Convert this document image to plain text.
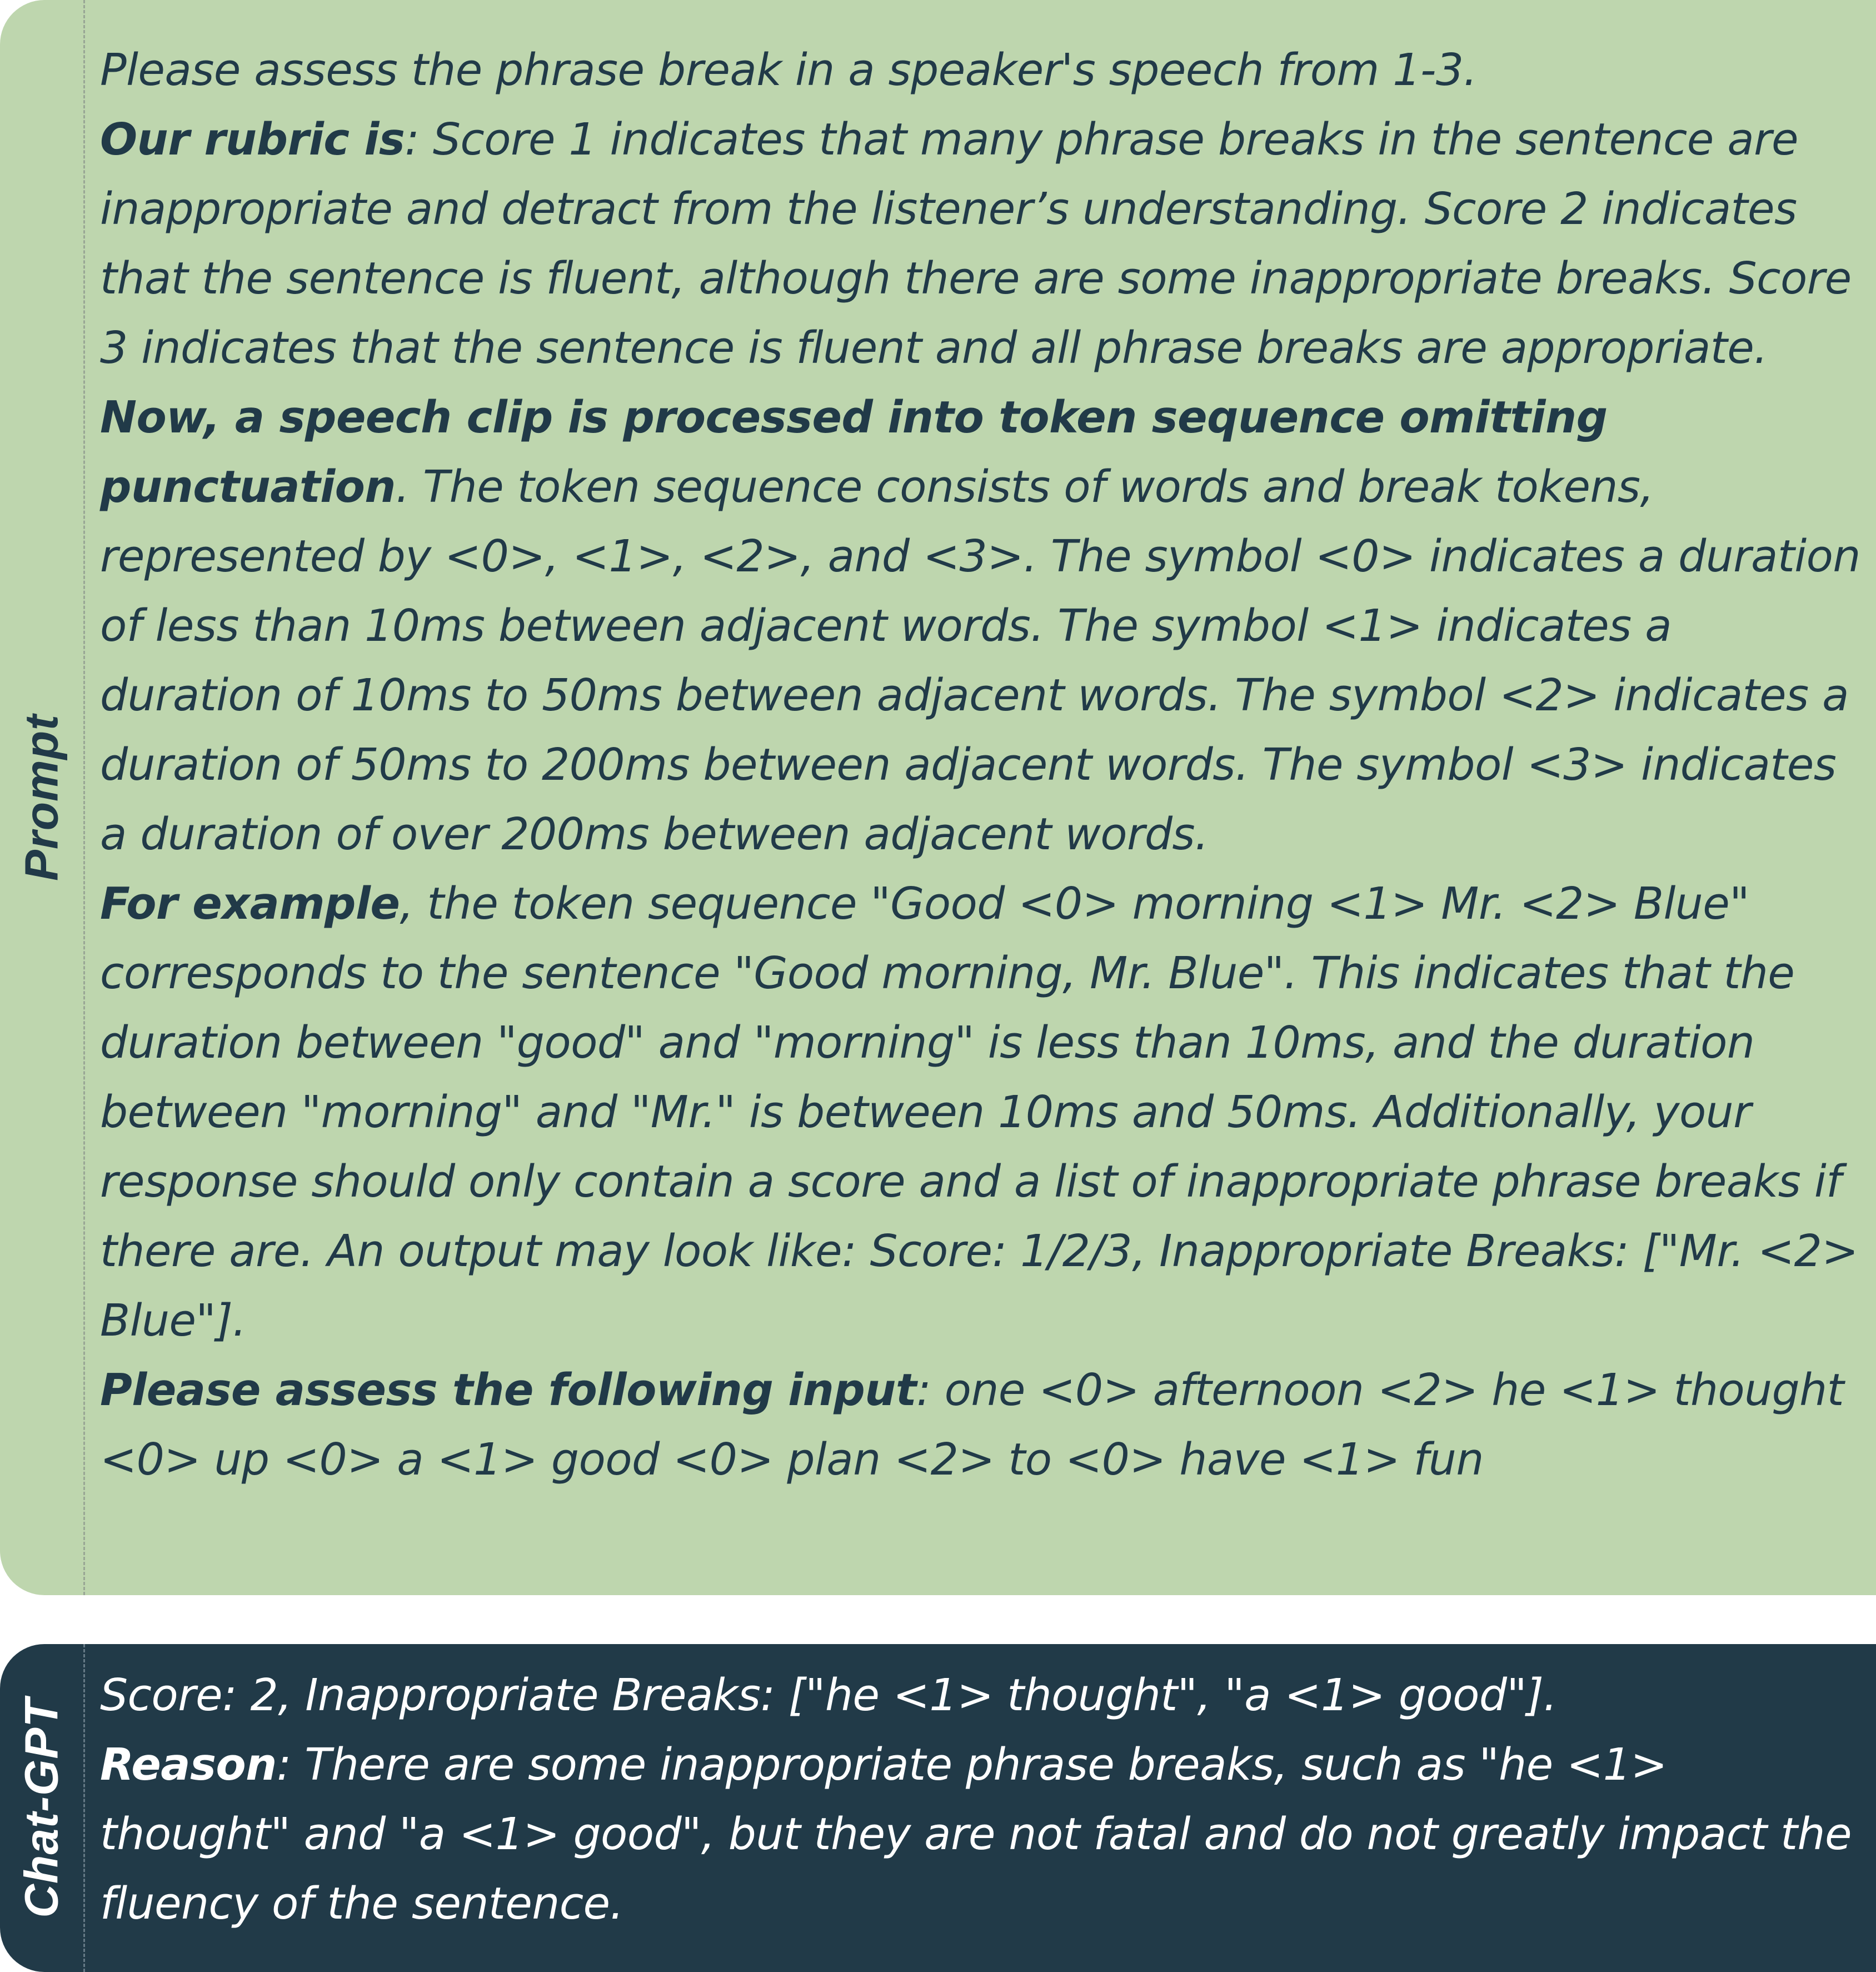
Prompt

Please assess the phrase break in a speaker's speech from 1-3.

Our rubric is: Score 1 indicates that many phrase breaks in the sentence are inappropriate and detract from the listener’s understanding. Score 2 indicates that the sentence is fluent, although there are some inappropriate breaks. Score 3 indicates that the sentence is fluent and all phrase breaks are appropriate.

Now, a speech clip is processed into token sequence omitting punctuation. The token sequence consists of words and break tokens, represented by <0>, <1>, <2>, and <3>. The symbol <0> indicates a duration of less than 10ms between adjacent words. The symbol <1> indicates a duration of 10ms to 50ms between adjacent words. The symbol <2> indicates a duration of 50ms to 200ms between adjacent words. The symbol <3> indicates a duration of over 200ms between adjacent words.

For example, the token sequence "Good <0> morning <1> Mr. <2> Blue" corresponds to the sentence "Good morning, Mr. Blue". This indicates that the duration between "good" and "morning" is less than 10ms, and the duration between "morning" and "Mr." is between 10ms and 50ms. Additionally, your response should only contain a score and a list of inappropriate phrase breaks if there are. An output may look like: Score: 1/2/3, Inappropriate Breaks: ["Mr. <2> Blue"].

Please assess the following input: one <0> afternoon <2> he <1> thought <0> up <0> a <1> good <0> plan <2> to <0> have <1> fun

Chat-GPT

Score: 2, Inappropriate Breaks: ["he <1> thought", "a <1> good"].

Reason: There are some inappropriate phrase breaks, such as "he <1> thought" and "a <1> good", but they are not fatal and do not greatly impact the fluency of the sentence.
